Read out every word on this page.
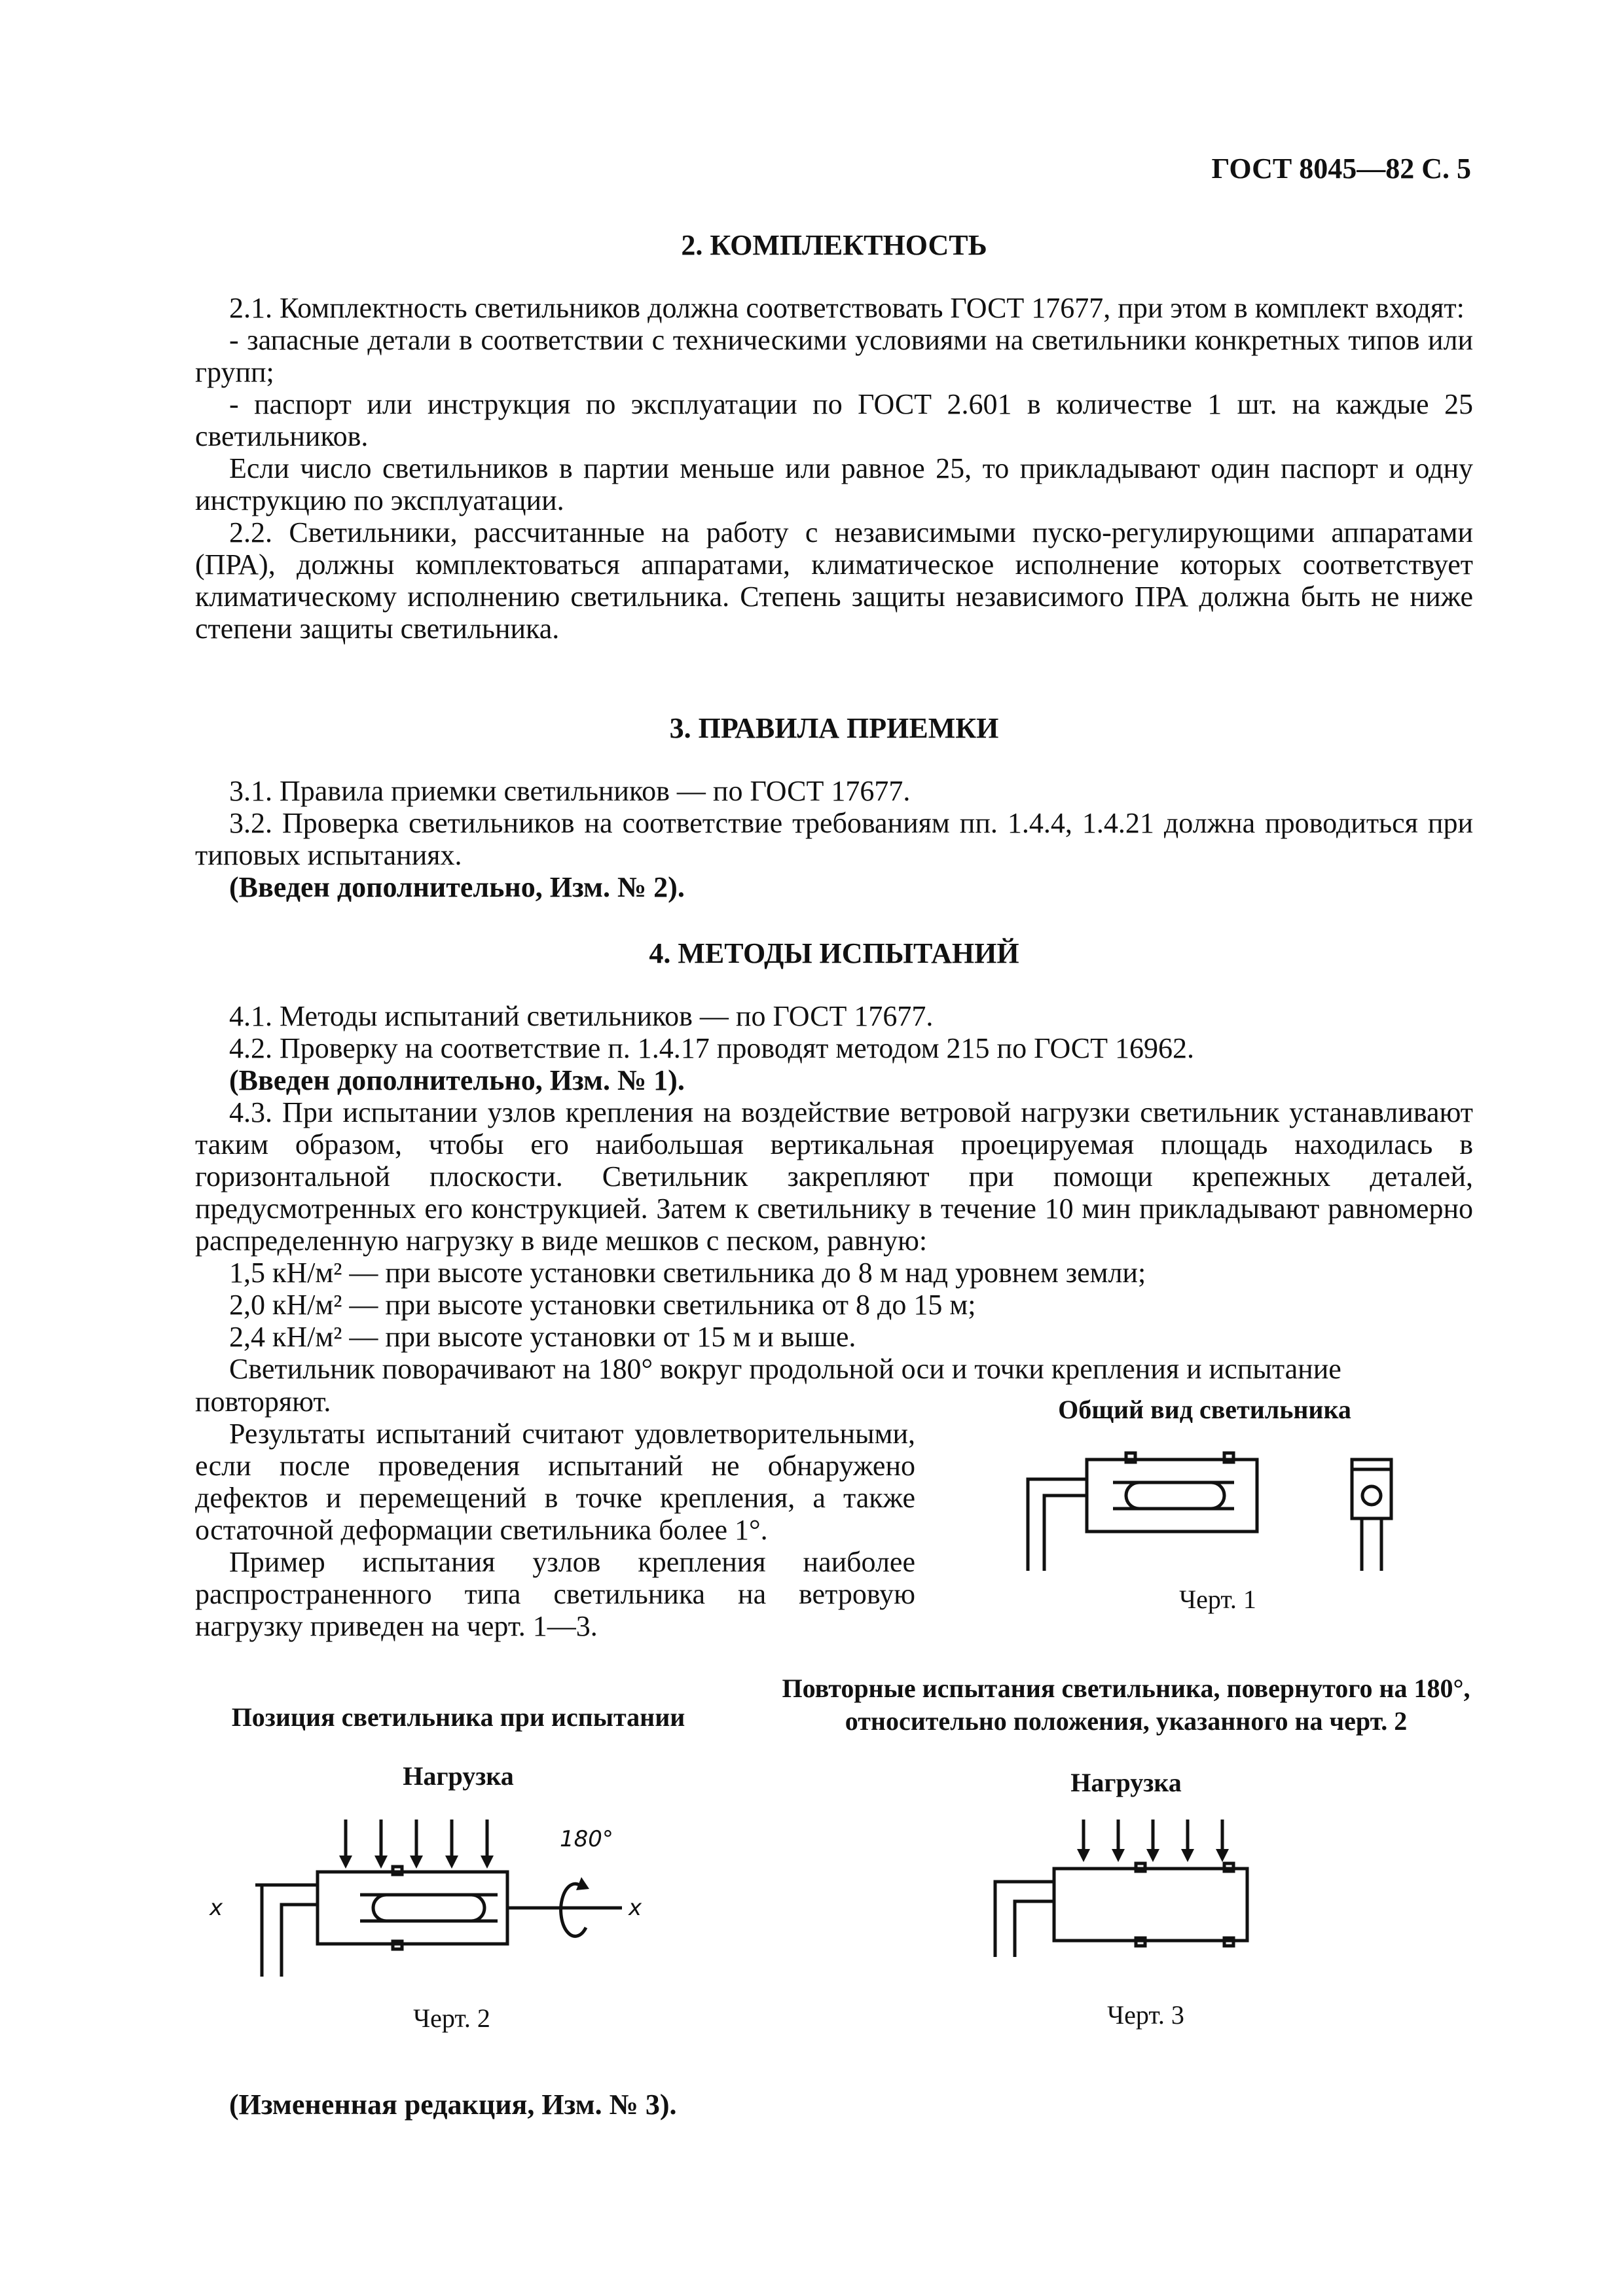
ГОСТ 8045—82 С. 5

2. КОМПЛЕКТНОСТЬ

2.1. Комплектность светильников должна соответствовать ГОСТ 17677, при этом в комплект входят:

- запасные детали в соответствии с техническими условиями на светильники конкретных типов или групп;

- паспорт или инструкция по эксплуатации по ГОСТ 2.601 в количестве 1 шт. на каждые 25 светильников.

Если число светильников в партии меньше или равное 25, то прикладывают один паспорт и одну инструкцию по эксплуатации.

2.2. Светильники, рассчитанные на работу с независимыми пуско-регулирующими аппаратами (ПРА), должны комплектоваться аппаратами, климатическое исполнение которых соответствует климатическому исполнению светильника. Степень защиты независимого ПРА должна быть не ниже степени защиты светильника.

3. ПРАВИЛА ПРИЕМКИ

3.1. Правила приемки светильников — по ГОСТ 17677.

3.2. Проверка светильников на соответствие требованиям пп. 1.4.4, 1.4.21 должна проводиться при типовых испытаниях.

(Введен дополнительно, Изм. № 2).

4. МЕТОДЫ ИСПЫТАНИЙ

4.1. Методы испытаний светильников — по ГОСТ 17677.

4.2. Проверку на соответствие п. 1.4.17 проводят методом 215 по ГОСТ 16962.

(Введен дополнительно, Изм. № 1).

4.3. При испытании узлов крепления на воздействие ветровой нагрузки светильник устанавливают таким образом, чтобы его наибольшая вертикальная проецируемая площадь находилась в горизонтальной плоскости. Светильник закрепляют при помощи крепежных деталей, предусмотренных его конструкцией. Затем к светильнику в течение 10 мин прикладывают равномерно распределенную нагрузку в виде мешков с песком, равную:

1,5 кН/м² — при высоте установки светильника до 8 м над уровнем земли;

2,0 кН/м² — при высоте установки светильника от 8 до 15 м;

2,4 кН/м² — при высоте установки от 15 м и выше.

Светильник поворачивают на 180° вокруг продольной оси и точки крепления и испытание

повторяют.

Результаты испытаний считают удовлетворительными, если после проведения испытаний не обнаружено дефектов и перемещений в точке крепления, а также остаточной деформации светильника более 1°.

Пример испытания узлов крепления наиболее распространенного типа светильника на ветровую нагрузку приведен на черт. 1—3.

Общий вид светильника
Черт. 1
Позиция светильника при испытании
Нагрузка
180°
x	x
Черт. 2
Повторные испытания светильника, повернутого на 180°, относительно положения, указанного на черт. 2
Нагрузка
Черт. 3
(Измененная редакция, Изм. № 3).
